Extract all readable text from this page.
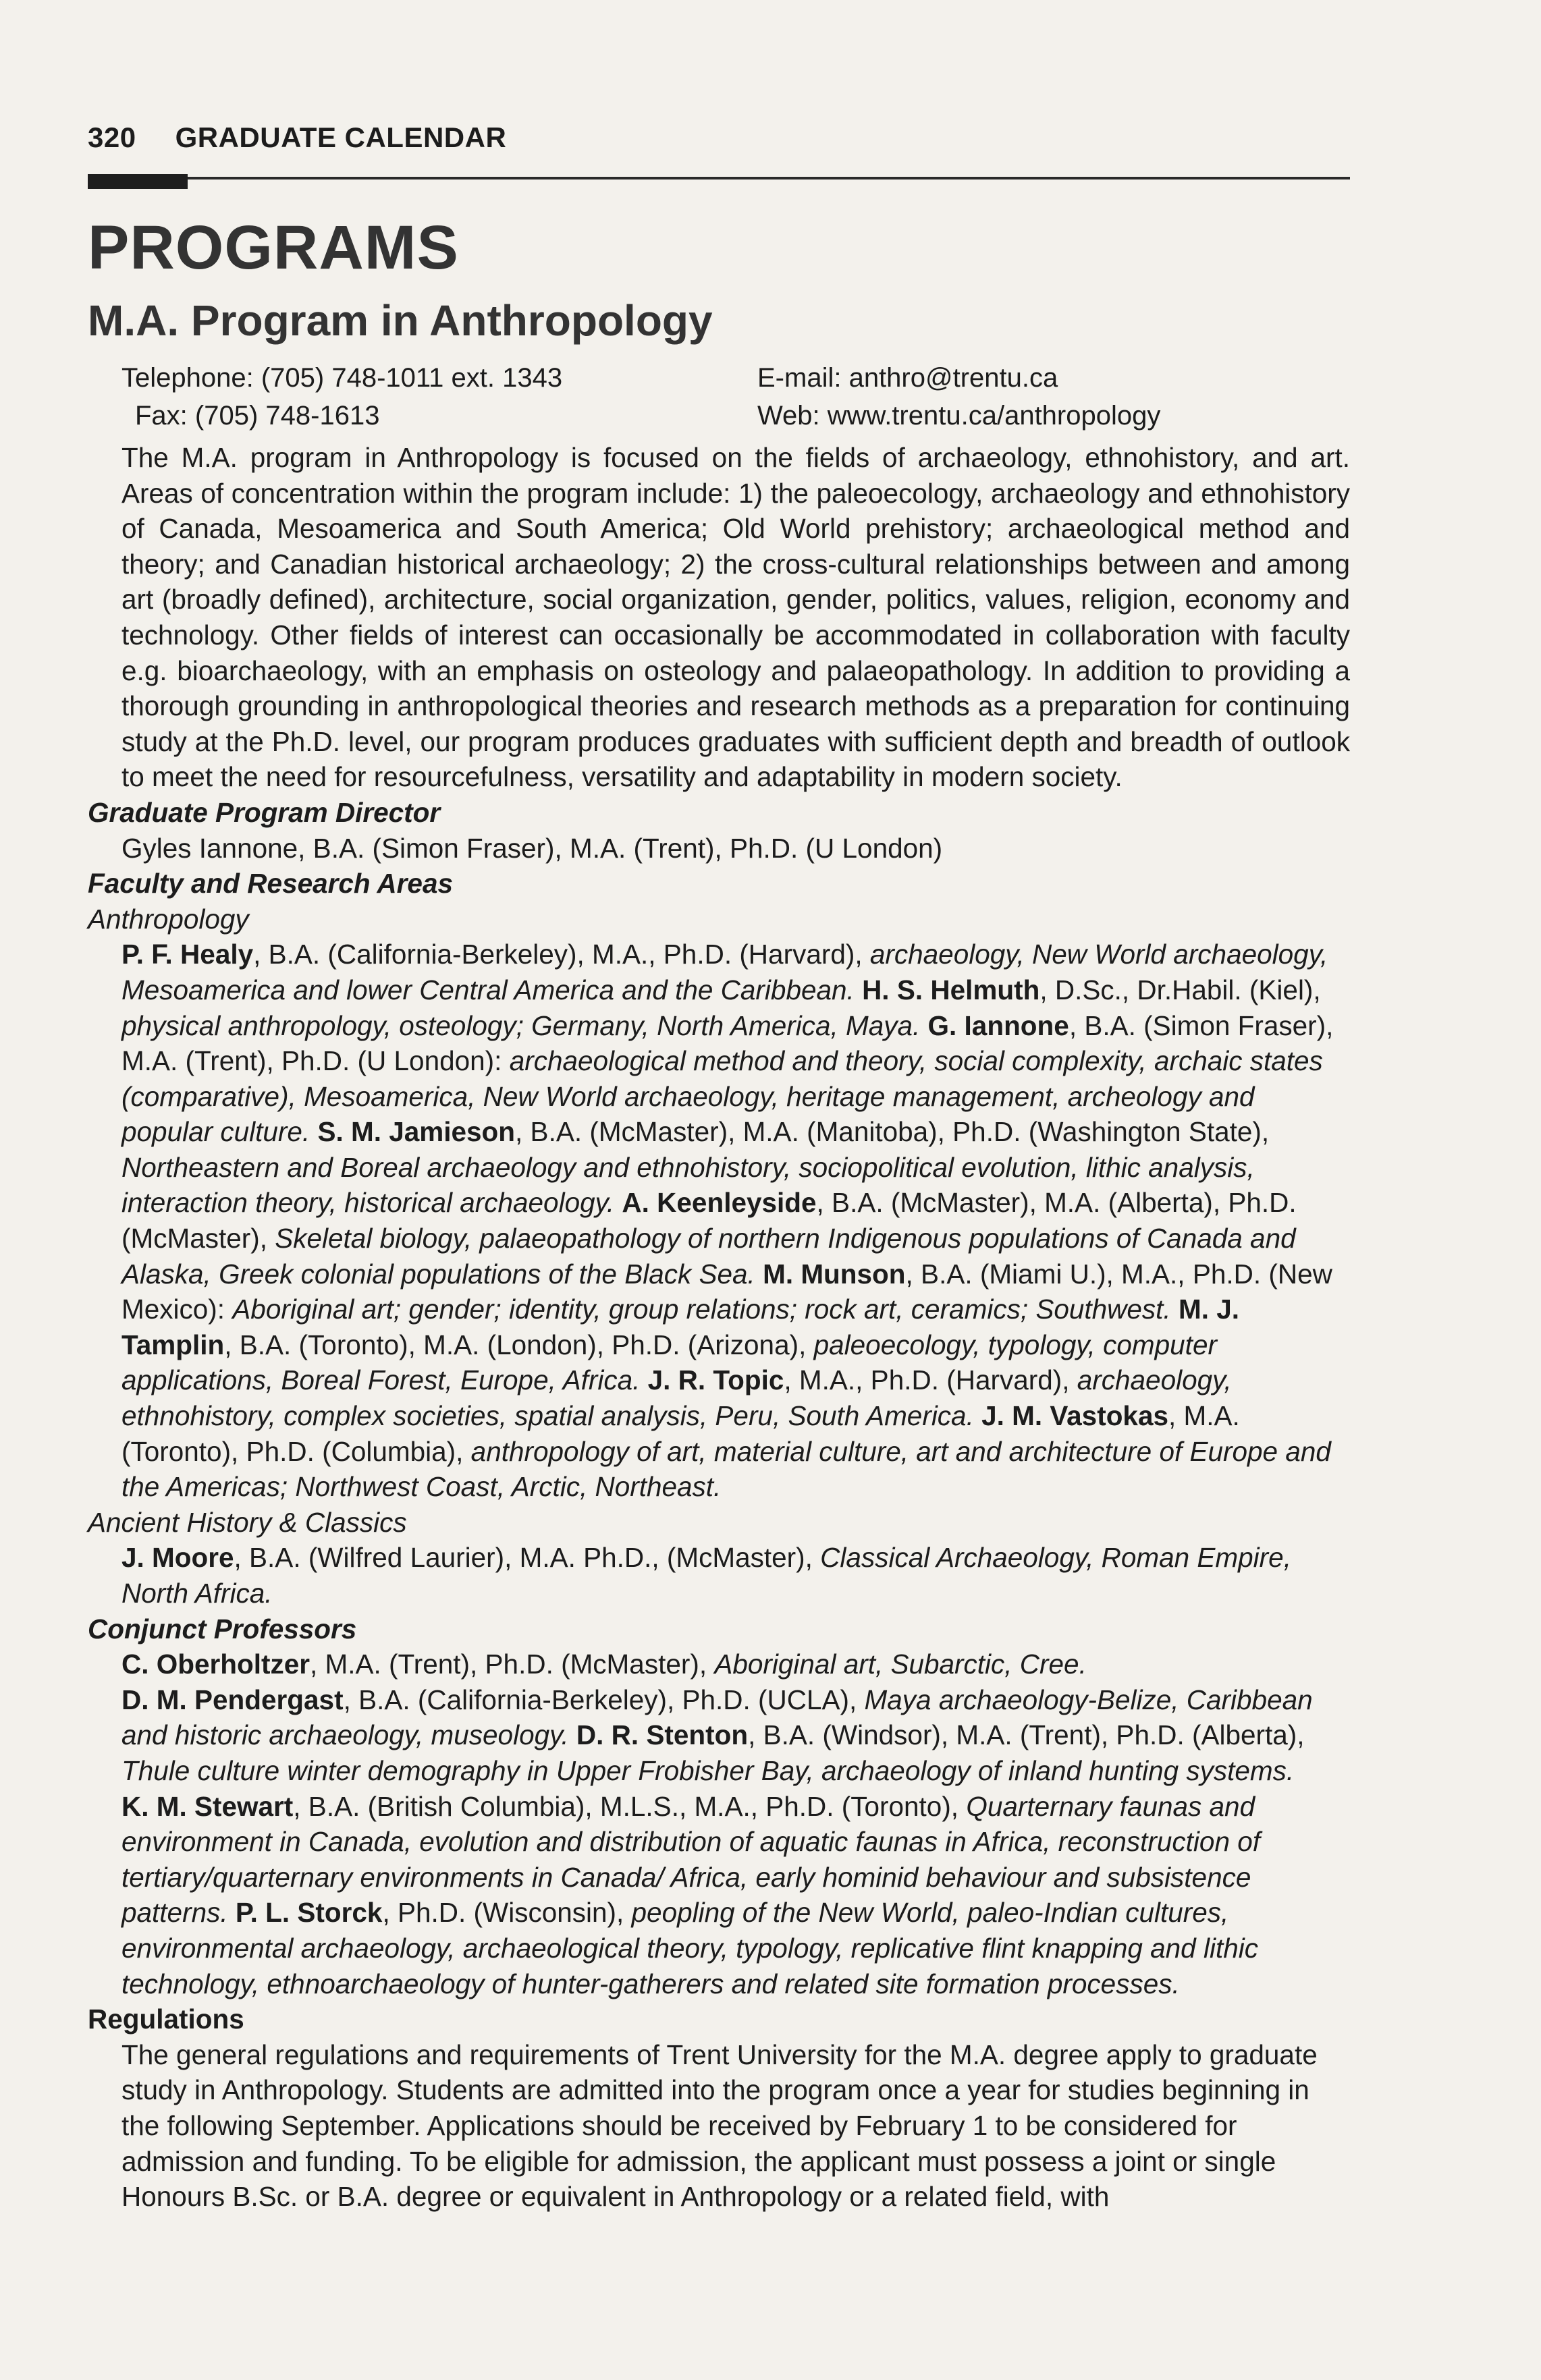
320 GRADUATE CALENDAR
PROGRAMS
M.A. Program in Anthropology
Telephone: (705) 748-1011 ext. 1343
Fax: (705) 748-1613
E-mail: anthro@trentu.ca
Web: www.trentu.ca/anthropology

The M.A. program in Anthropology is focused on the fields of archaeology, ethnohistory, and art. Areas of concentration within the program include: 1) the paleoecology, archaeology and ethnohistory of Canada, Mesoamerica and South America; Old World prehistory; archaeological method and theory; and Canadian historical archaeology; 2) the cross-cultural relationships between and among art (broadly defined), architecture, social organization, gender, politics, values, religion, economy and technology. Other fields of interest can occasionally be accommodated in collaboration with faculty e.g. bioarchaeology, with an emphasis on osteology and palaeopathology. In addition to providing a thorough grounding in anthropological theories and research methods as a preparation for continuing study at the Ph.D. level, our program produces graduates with sufficient depth and breadth of outlook to meet the need for resourcefulness, versatility and adaptability in modern society.

Graduate Program Director

Gyles Iannone, B.A. (Simon Fraser), M.A. (Trent), Ph.D. (U London)

Faculty and Research Areas

Anthropology

P. F. Healy, B.A. (California-Berkeley), M.A., Ph.D. (Harvard), archaeology, New World archaeology, Mesoamerica and lower Central America and the Caribbean. H. S. Helmuth, D.Sc., Dr.Habil. (Kiel), physical anthropology, osteology; Germany, North America, Maya. G. Iannone, B.A. (Simon Fraser), M.A. (Trent), Ph.D. (U London): archaeological method and theory, social complexity, archaic states (comparative), Mesoamerica, New World archaeology, heritage management, archeology and popular culture. S. M. Jamieson, B.A. (McMaster), M.A. (Manitoba), Ph.D. (Washington State), Northeastern and Boreal archaeology and ethnohistory, sociopolitical evolution, lithic analysis, interaction theory, historical archaeology. A. Keenleyside, B.A. (McMaster), M.A. (Alberta), Ph.D. (McMaster), Skeletal biology, palaeopathology of northern Indigenous populations of Canada and Alaska, Greek colonial populations of the Black Sea. M. Munson, B.A. (Miami U.), M.A., Ph.D. (New Mexico): Aboriginal art; gender; identity, group relations; rock art, ceramics; Southwest. M. J. Tamplin, B.A. (Toronto), M.A. (London), Ph.D. (Arizona), paleoecology, typology, computer applications, Boreal Forest, Europe, Africa. J. R. Topic, M.A., Ph.D. (Harvard), archaeology, ethnohistory, complex societies, spatial analysis, Peru, South America. J. M. Vastokas, M.A. (Toronto), Ph.D. (Columbia), anthropology of art, material culture, art and architecture of Europe and the Americas; Northwest Coast, Arctic, Northeast.

Ancient History & Classics

J. Moore, B.A. (Wilfred Laurier), M.A. Ph.D., (McMaster), Classical Archaeology, Roman Empire, North Africa.

Conjunct Professors

C. Oberholtzer, M.A. (Trent), Ph.D. (McMaster), Aboriginal art, Subarctic, Cree.
D. M. Pendergast, B.A. (California-Berkeley), Ph.D. (UCLA), Maya archaeology-Belize, Caribbean and historic archaeology, museology. D. R. Stenton, B.A. (Windsor), M.A. (Trent), Ph.D. (Alberta), Thule culture winter demography in Upper Frobisher Bay, archaeology of inland hunting systems.
K. M. Stewart, B.A. (British Columbia), M.L.S., M.A., Ph.D. (Toronto), Quarternary faunas and environment in Canada, evolution and distribution of aquatic faunas in Africa, reconstruction of tertiary/quarternary environments in Canada/ Africa, early hominid behaviour and subsistence patterns. P. L. Storck, Ph.D. (Wisconsin), peopling of the New World, paleo-Indian cultures, environmental archaeology, archaeological theory, typology, replicative flint knapping and lithic technology, ethnoarchaeology of hunter-gatherers and related site formation processes.

Regulations

The general regulations and requirements of Trent University for the M.A. degree apply to graduate study in Anthropology. Students are admitted into the program once a year for studies beginning in the following September. Applications should be received by February 1 to be considered for admission and funding. To be eligible for admission, the applicant must possess a joint or single Honours B.Sc. or B.A. degree or equivalent in Anthropology or a related field, with
